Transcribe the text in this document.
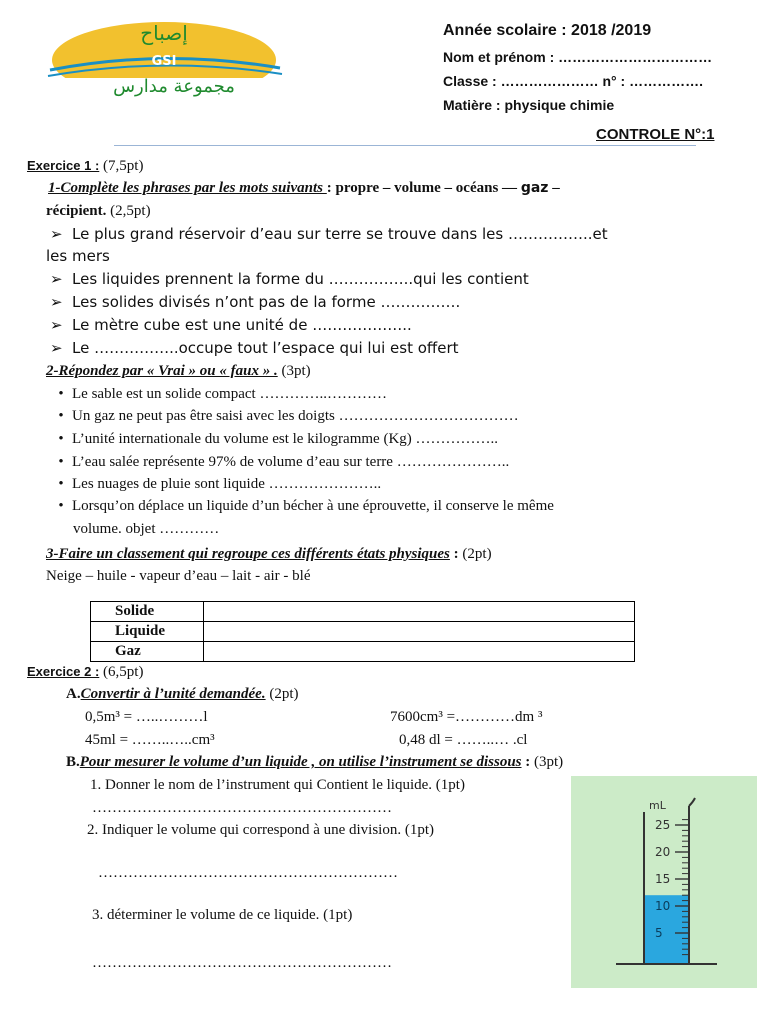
إصباح
GSI
مجموعة مدارس
Année scolaire : 2018 /2019
Nom et prénom : ……………………………
Classe : ………………… n° : …………….
Matière : physique chimie
CONTROLE N°:1
Exercice 1 : (7,5pt)
1-Complète les phrases par les mots suivants : propre – volume – océans — gaz –
récipient. (2,5pt)
➢ Le plus grand réservoir d’eau sur terre se trouve dans les ……………..et
les mers
➢ Les liquides prennent la forme du ……………..qui les contient
➢ Les solides divisés n’ont pas de la forme …………….
➢ Le mètre cube est une unité de ………………..
➢ Le ……………..occupe tout l’espace qui lui est offert
2-Répondez par « Vrai » ou « faux » . (3pt)
• Le sable est un solide compact …………..…………
• Un gaz ne peut pas être saisi avec les doigts ………………………………
• L’unité internationale du volume est le kilogramme (Kg) ……………..
• L’eau salée représente 97% de volume d’eau sur terre …………………..
• Les nuages de pluie sont liquide …………………..
• Lorsqu’on déplace un liquide d’un bécher à une éprouvette, il conserve le même
volume. objet …………
3-Faire un classement qui regroupe ces différents états physiques : (2pt)
Neige – huile - vapeur d’eau – lait - air - blé
Solide	
Liquide	
Gaz	
Exercice 2 : (6,5pt)
A.Convertir à l’unité demandée. (2pt)
0,5m³ = …..………l	7600cm³ =…………dm ³
45ml = ……..…..cm³	0,48 dl = ……..… .cl
B.Pour mesurer le volume d’un liquide , on utilise l’instrument se dissous : (3pt)
1. Donner le nom de l’instrument qui Contient le liquide. (1pt)
……………………………………………………
2. Indiquer le volume qui correspond à une division. (1pt)
……………………………………………………
3. déterminer le volume de ce liquide. (1pt)
……………………………………………………
mL
25
20
15
10
5
